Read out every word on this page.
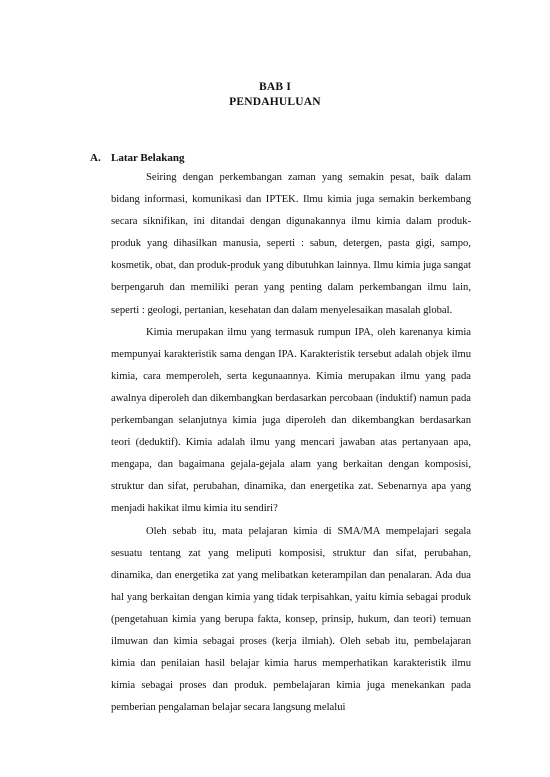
BAB I
PENDAHULUAN
A. Latar Belakang

Seiring dengan perkembangan zaman yang semakin pesat, baik dalam bidang informasi, komunikasi dan IPTEK. Ilmu kimia juga semakin berkembang secara siknifikan, ini ditandai dengan digunakannya ilmu kimia dalam produk-produk yang dihasilkan manusia, seperti : sabun, detergen, pasta gigi, sampo, kosmetik, obat, dan produk-produk yang dibutuhkan lainnya. Ilmu kimia juga sangat berpengaruh dan memiliki peran yang penting dalam perkembangan ilmu lain, seperti : geologi, pertanian, kesehatan dan dalam menyelesaikan masalah global.

Kimia merupakan ilmu yang termasuk rumpun IPA, oleh karenanya kimia mempunyai karakteristik sama dengan IPA. Karakteristik tersebut adalah objek ilmu kimia, cara memperoleh, serta kegunaannya. Kimia merupakan ilmu yang pada awalnya diperoleh dan dikembangkan berdasarkan percobaan (induktif) namun pada perkembangan selanjutnya kimia juga diperoleh dan dikembangkan berdasarkan teori (deduktif). Kimia adalah ilmu yang mencari jawaban atas pertanyaan apa, mengapa, dan bagaimana gejala-gejala alam yang berkaitan dengan komposisi, struktur dan sifat, perubahan, dinamika, dan energetika zat. Sebenarnya apa yang menjadi hakikat ilmu kimia itu sendiri?

Oleh sebab itu, mata pelajaran kimia di SMA/MA mempelajari segala sesuatu tentang zat yang meliputi komposisi, struktur dan sifat, perubahan, dinamika, dan energetika zat yang melibatkan keterampilan dan penalaran. Ada dua hal yang berkaitan dengan kimia yang tidak terpisahkan, yaitu kimia sebagai produk (pengetahuan kimia yang berupa fakta, konsep, prinsip, hukum, dan teori) temuan ilmuwan dan kimia sebagai proses (kerja ilmiah). Oleh sebab itu, pembelajaran kimia dan penilaian hasil belajar kimia harus memperhatikan karakteristik ilmu kimia sebagai proses dan produk. pembelajaran kimia juga menekankan pada pemberian pengalaman belajar secara langsung melalui
